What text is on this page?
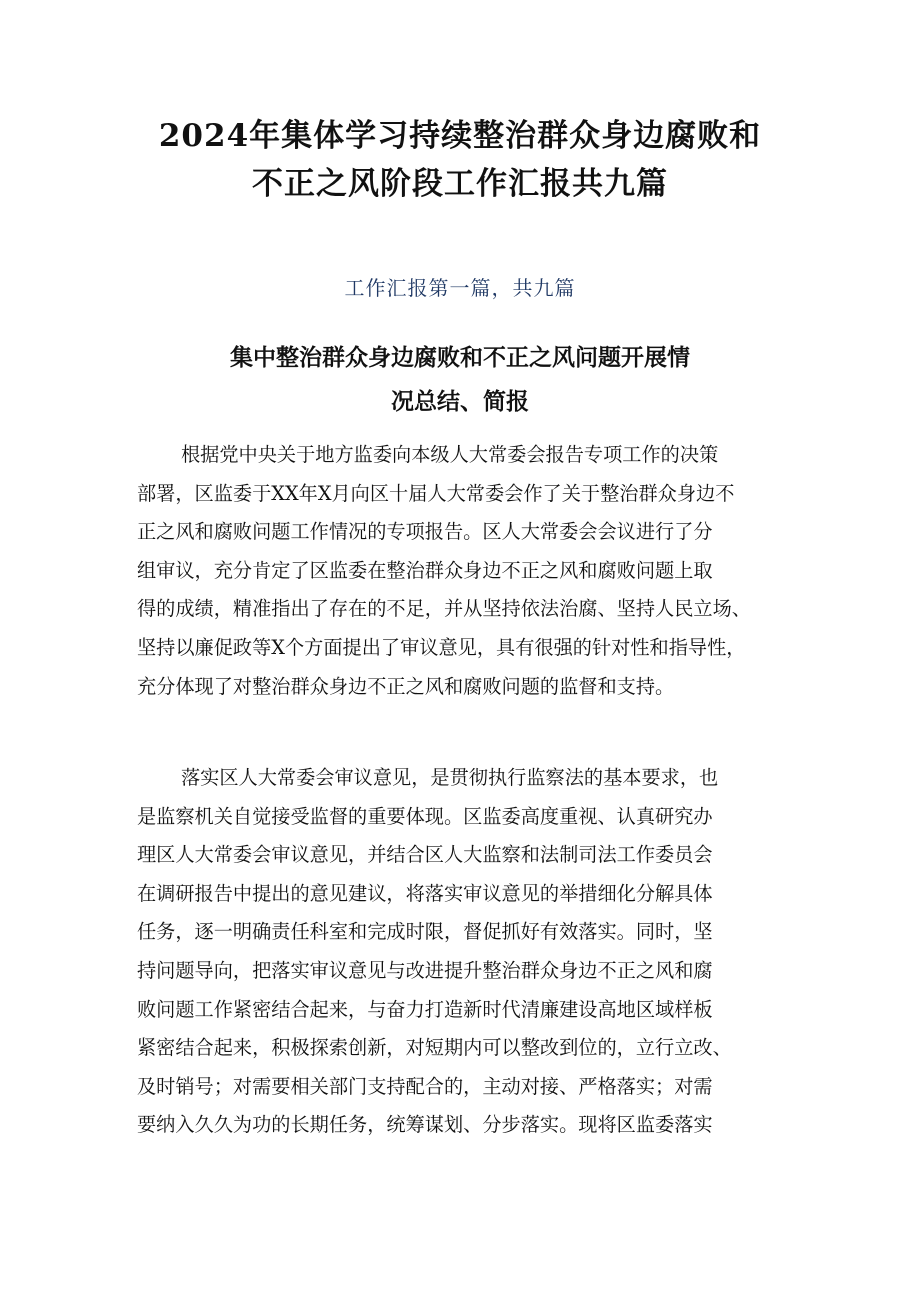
2024年集体学习持续整治群众身边腐败和
不正之风阶段工作汇报共九篇
工作汇报第一篇，共九篇
集中整治群众身边腐败和不正之风问题开展情
况总结、简报
根据党中央关于地方监委向本级人大常委会报告专项工作的决策
部署，区监委于XX年X月向区十届人大常委会作了关于整治群众身边不
正之风和腐败问题工作情况的专项报告。区人大常委会会议进行了分
组审议，充分肯定了区监委在整治群众身边不正之风和腐败问题上取
得的成绩，精准指出了存在的不足，并从坚持依法治腐、坚持人民立场、
坚持以廉促政等X个方面提出了审议意见，具有很强的针对性和指导性，
充分体现了对整治群众身边不正之风和腐败问题的监督和支持。
落实区人大常委会审议意见，是贯彻执行监察法的基本要求，也
是监察机关自觉接受监督的重要体现。区监委高度重视、认真研究办
理区人大常委会审议意见，并结合区人大监察和法制司法工作委员会
在调研报告中提出的意见建议，将落实审议意见的举措细化分解具体
任务，逐一明确责任科室和完成时限，督促抓好有效落实。同时，坚
持问题导向，把落实审议意见与改进提升整治群众身边不正之风和腐
败问题工作紧密结合起来，与奋力打造新时代清廉建设高地区域样板
紧密结合起来，积极探索创新，对短期内可以整改到位的，立行立改、
及时销号；对需要相关部门支持配合的，主动对接、严格落实；对需
要纳入久久为功的长期任务，统筹谋划、分步落实。现将区监委落实
